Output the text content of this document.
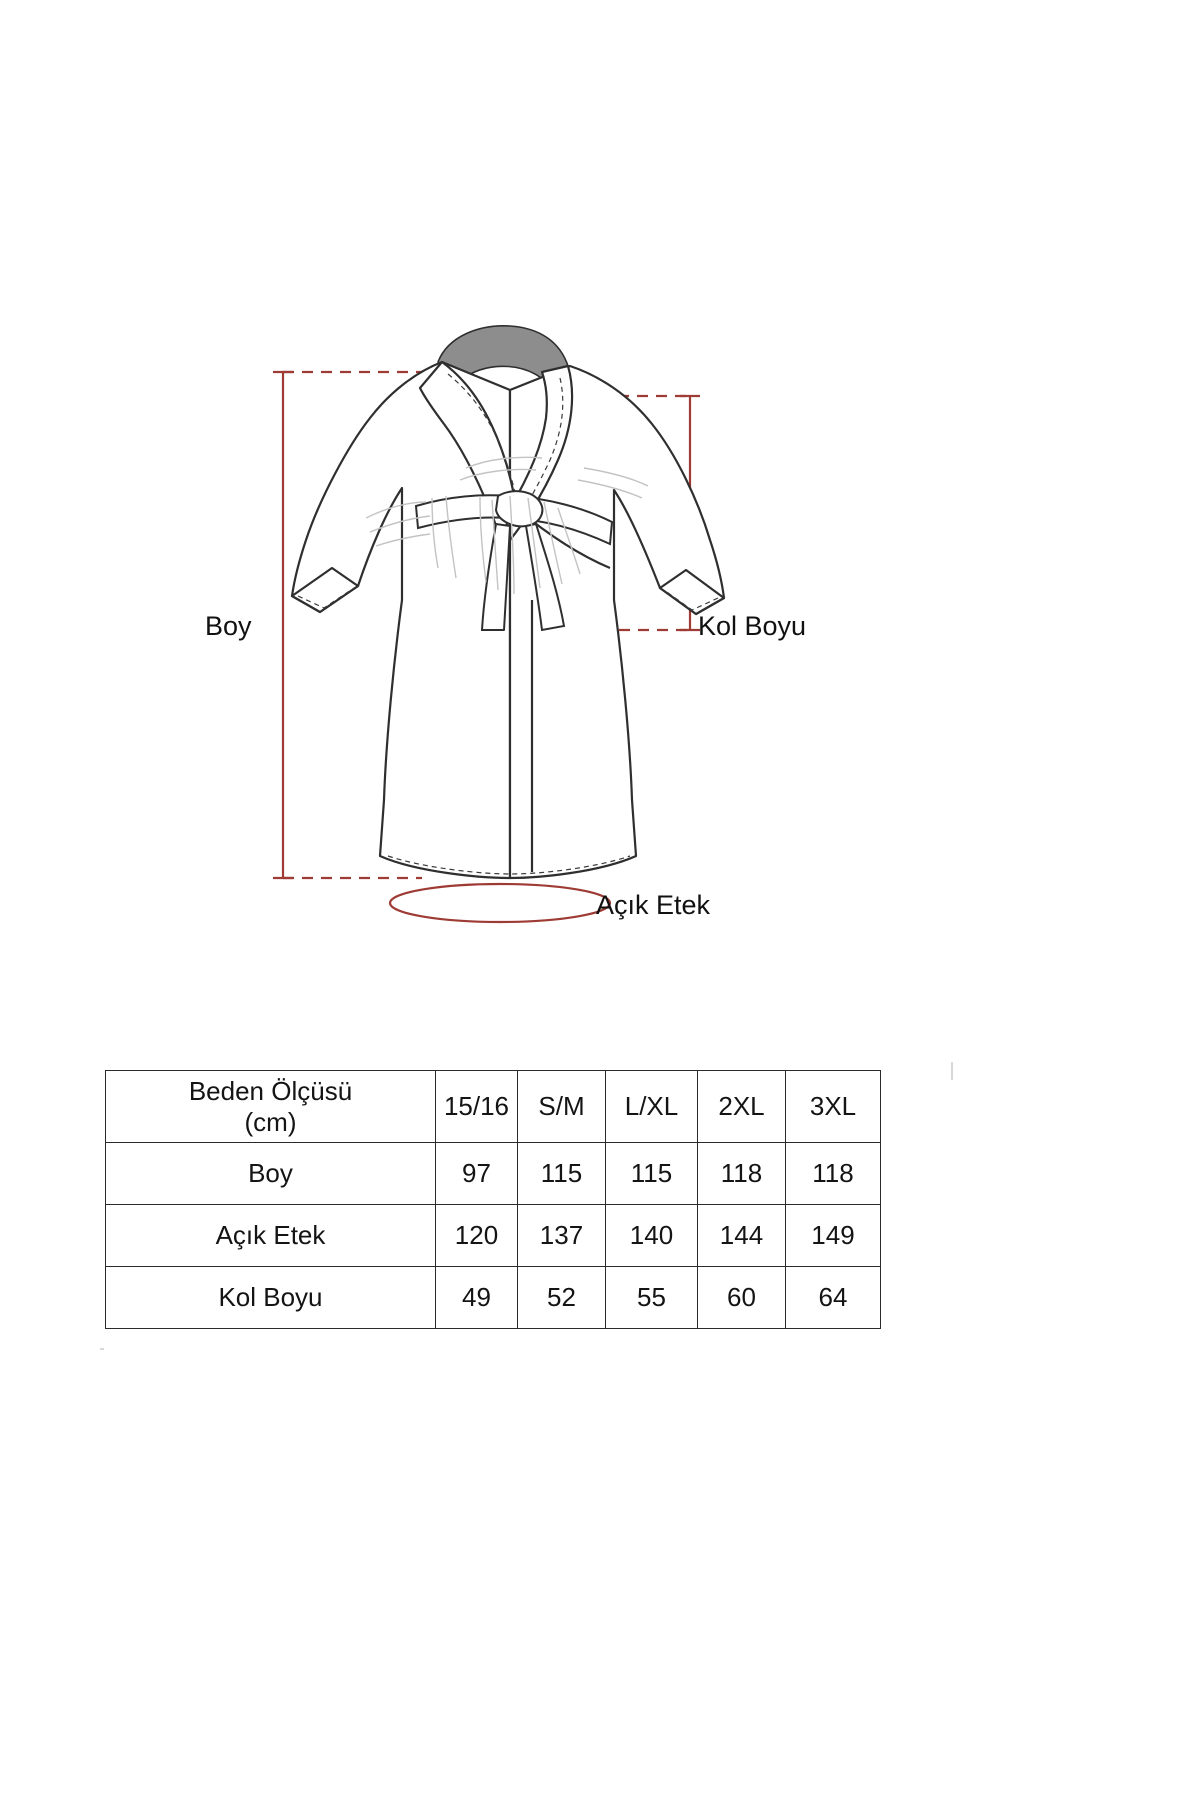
Boy	Kol Boyu
Açık Etek
Beden Ölçüsü
(cm)	15/16	S/M	L/XL	2XL	3XL
Boy	97	115	115	118	118
Açık Etek	120	137	140	144	149
Kol Boyu	49	52	55	60	64
